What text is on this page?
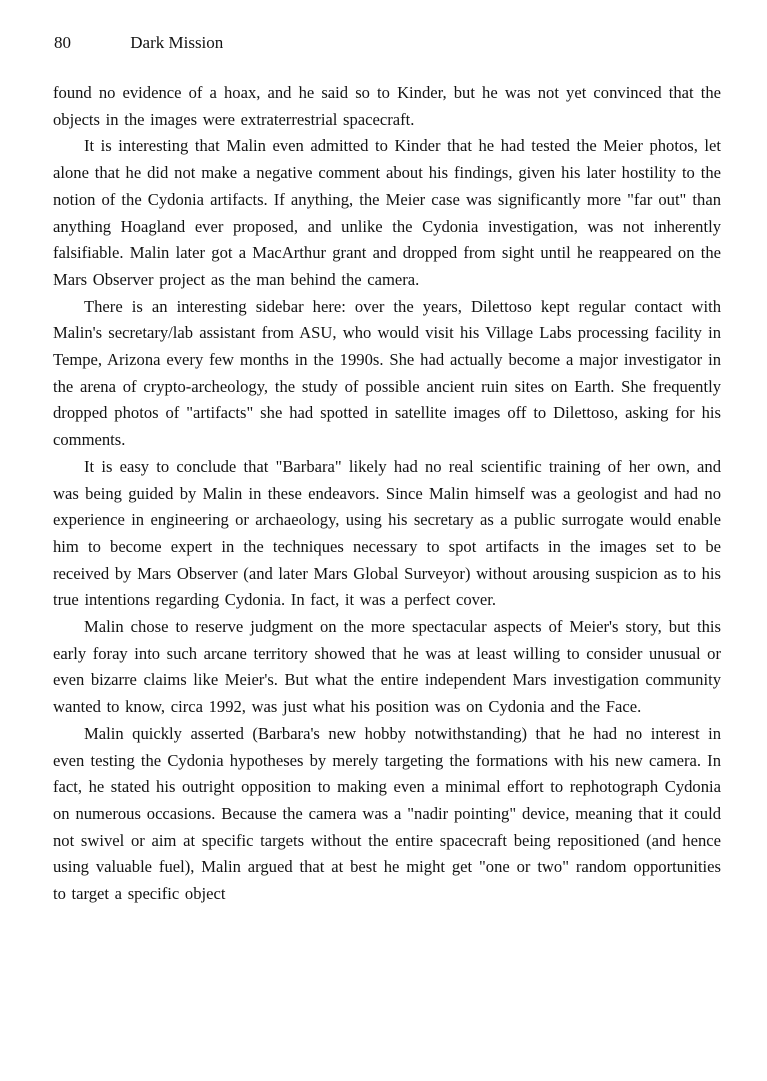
80	Dark Mission

found no evidence of a hoax, and he said so to Kinder, but he was not yet convinced that the objects in the images were extraterrestrial spacecraft.

It is interesting that Malin even admitted to Kinder that he had tested the Meier photos, let alone that he did not make a negative comment about his findings, given his later hostility to the notion of the Cydonia artifacts. If anything, the Meier case was significantly more "far out" than anything Hoagland ever proposed, and unlike the Cydonia investigation, was not inherently falsifiable. Malin later got a MacArthur grant and dropped from sight until he reappeared on the Mars Observer project as the man behind the camera.

There is an interesting sidebar here: over the years, Dilettoso kept regular contact with Malin's secretary/lab assistant from ASU, who would visit his Village Labs processing facility in Tempe, Arizona every few months in the 1990s. She had actually become a major investigator in the arena of crypto-archeology, the study of possible ancient ruin sites on Earth. She frequently dropped photos of "artifacts" she had spotted in satellite images off to Dilettoso, asking for his comments.

It is easy to conclude that "Barbara" likely had no real scientific training of her own, and was being guided by Malin in these endeavors. Since Malin himself was a geologist and had no experience in engineering or archaeology, using his secretary as a public surrogate would enable him to become expert in the techniques necessary to spot artifacts in the images set to be received by Mars Observer (and later Mars Global Surveyor) without arousing suspicion as to his true intentions regarding Cydonia. In fact, it was a perfect cover.

Malin chose to reserve judgment on the more spectacular aspects of Meier's story, but this early foray into such arcane territory showed that he was at least willing to consider unusual or even bizarre claims like Meier's. But what the entire independent Mars investigation community wanted to know, circa 1992, was just what his position was on Cydonia and the Face.

Malin quickly asserted (Barbara's new hobby notwithstanding) that he had no interest in even testing the Cydonia hypotheses by merely targeting the formations with his new camera. In fact, he stated his outright opposition to making even a minimal effort to rephotograph Cydonia on numerous occasions. Because the camera was a "nadir pointing" device, meaning that it could not swivel or aim at specific targets without the entire spacecraft being repositioned (and hence using valuable fuel), Malin argued that at best he might get "one or two" random opportunities to target a specific object
